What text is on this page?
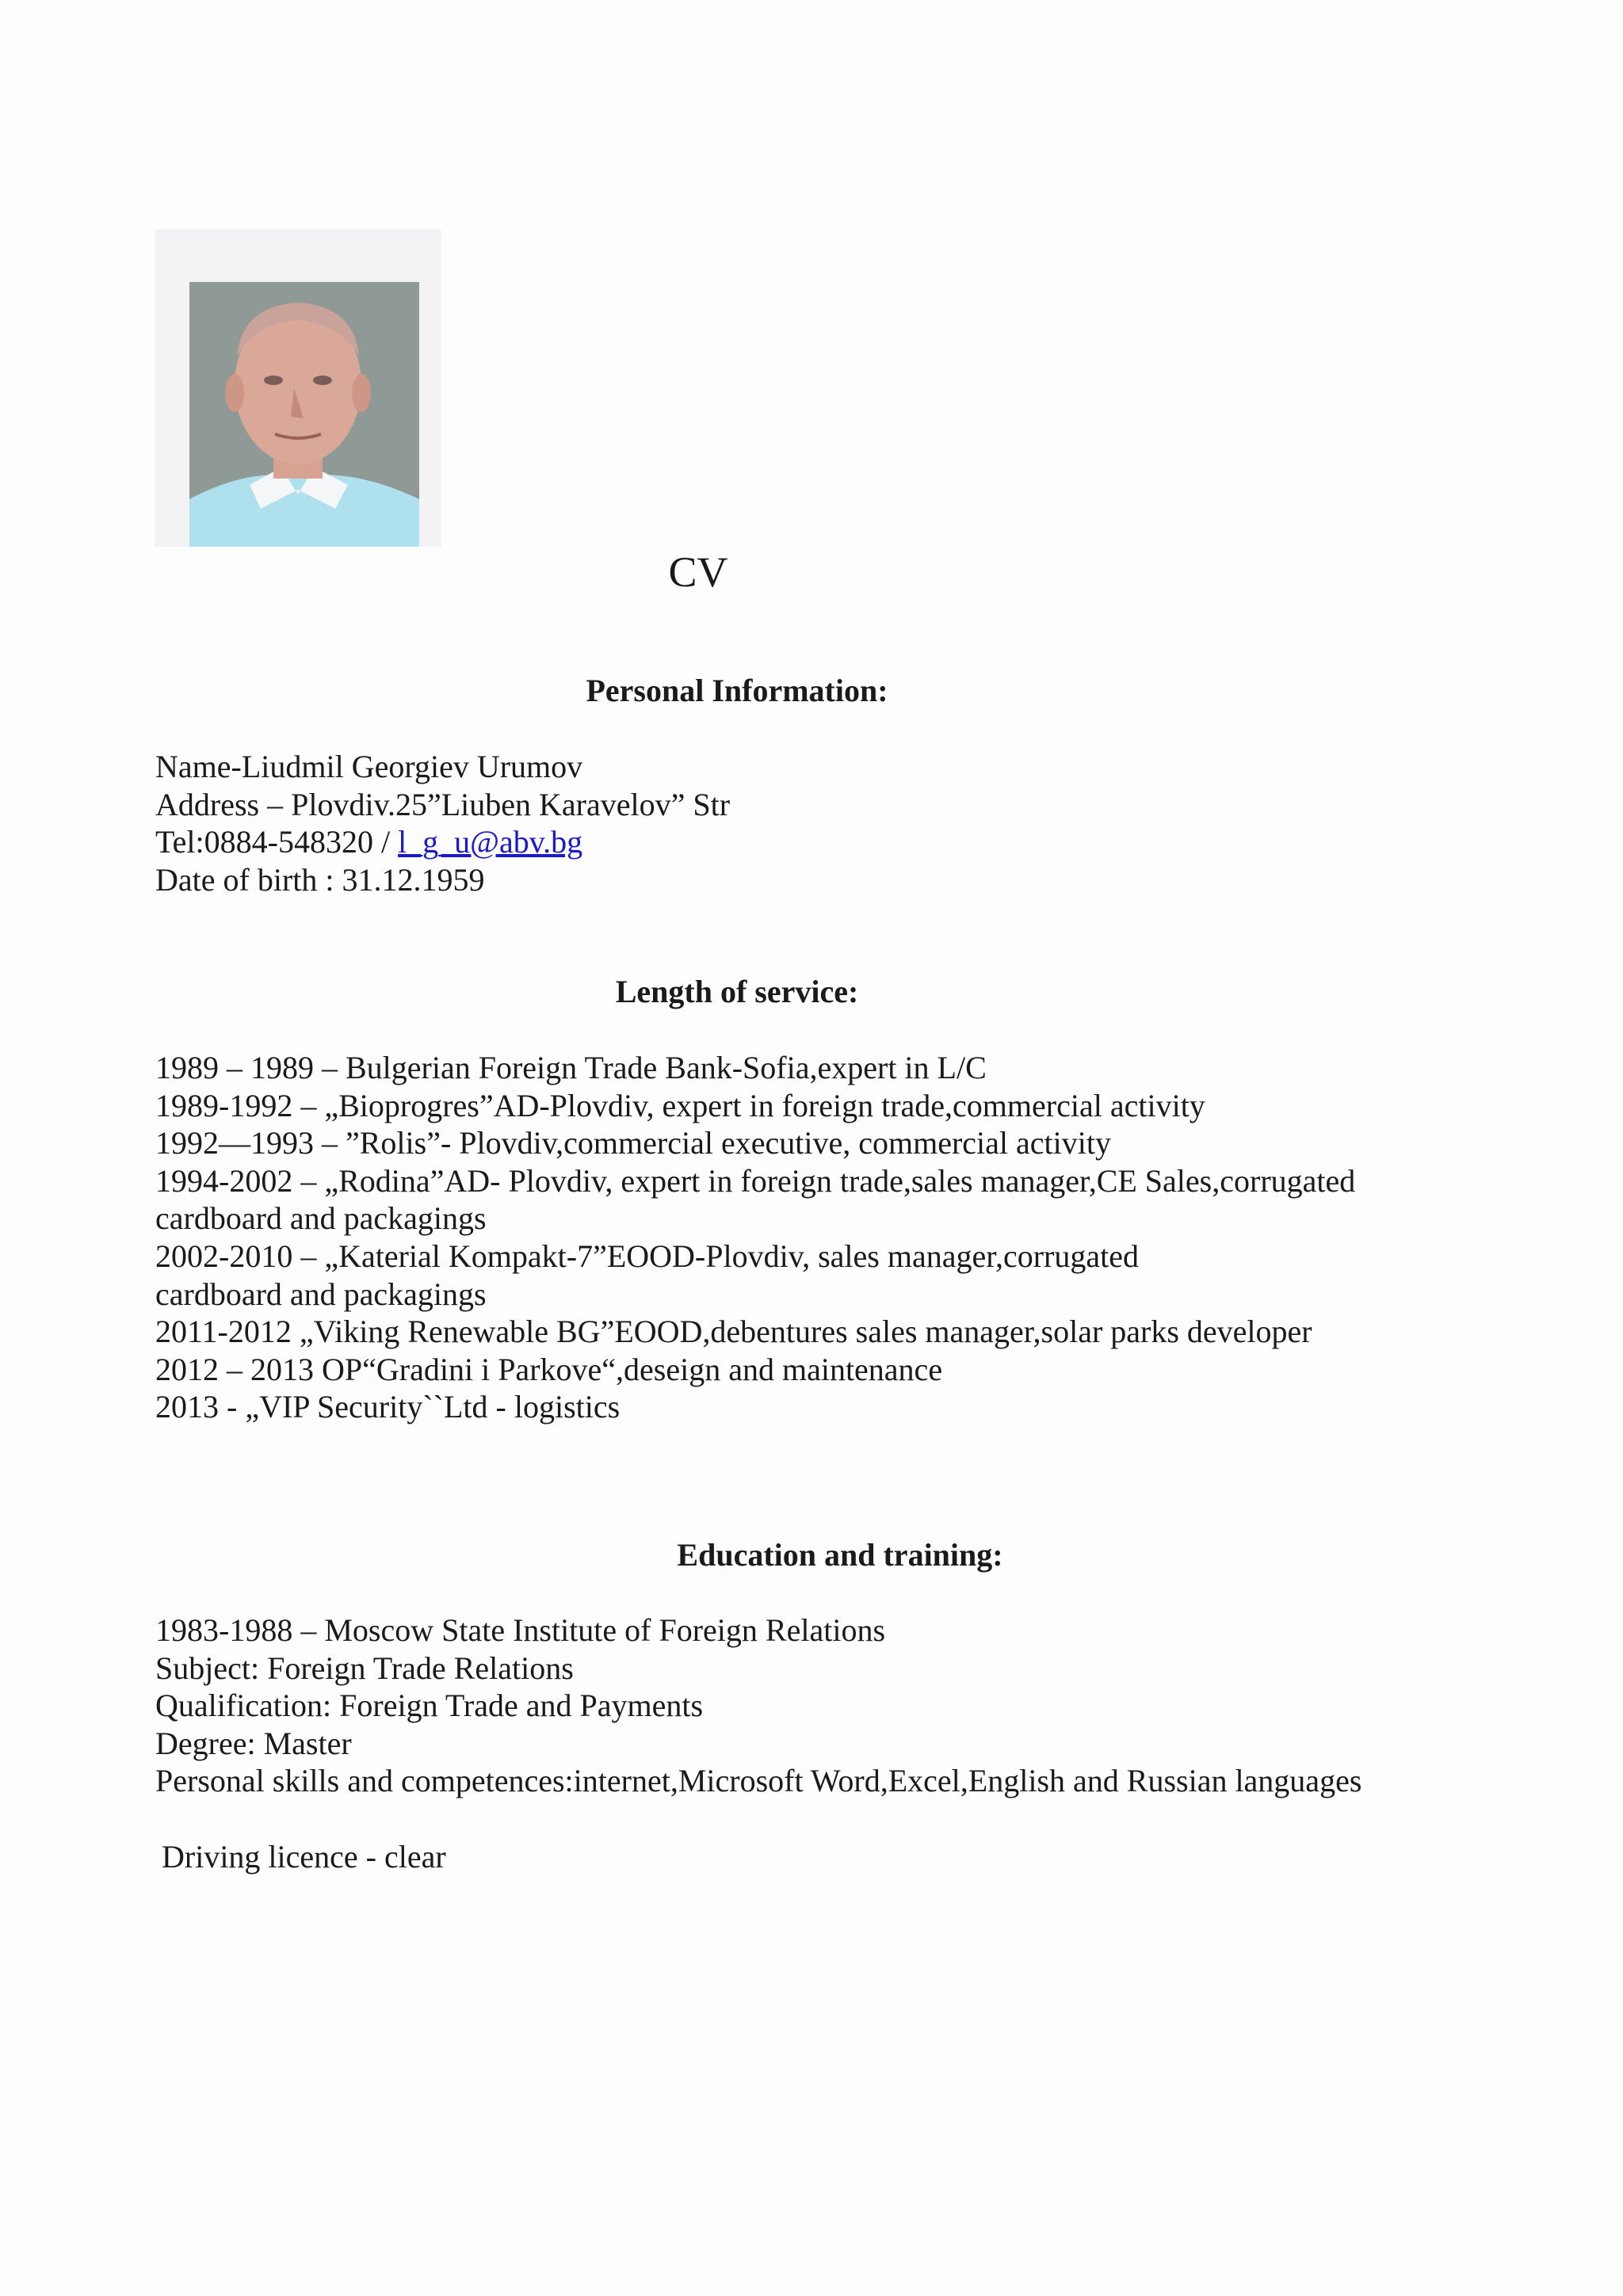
CV
Personal Information:
Name-Liudmil Georgiev Urumov
Address – Plovdiv.25”Liuben Karavelov” Str
Tel:0884-548320 / l_g_u@abv.bg
Date of birth : 31.12.1959
Length of service:
1989 – 1989 – Bulgerian Foreign Trade Bank-Sofia,expert in L/C
1989-1992 – „Bioprogres”AD-Plovdiv, expert in foreign trade,commercial activity
1992—1993 – ”Rolis”- Plovdiv,commercial executive, commercial activity
1994-2002 – „Rodina”AD- Plovdiv, expert in foreign trade,sales manager,CE Sales,corrugated
cardboard and packagings
2002-2010 – „Katerial Kompakt-7”EOOD-Plovdiv, sales manager,corrugated
cardboard and packagings
2011-2012 „Viking Renewable BG”EOOD,debentures sales manager,solar parks developer
2012 – 2013 OP“Gradini i Parkove“,deseign and maintenance
2013 - „VIP Security``Ltd - logistics
Education and training:
1983-1988 – Moscow State Institute of Foreign Relations
Subject: Foreign Trade Relations
Qualification: Foreign Trade and Payments
Degree: Master
Personal skills and competences:internet,Microsoft Word,Excel,English and Russian languages
Driving licence - clear
